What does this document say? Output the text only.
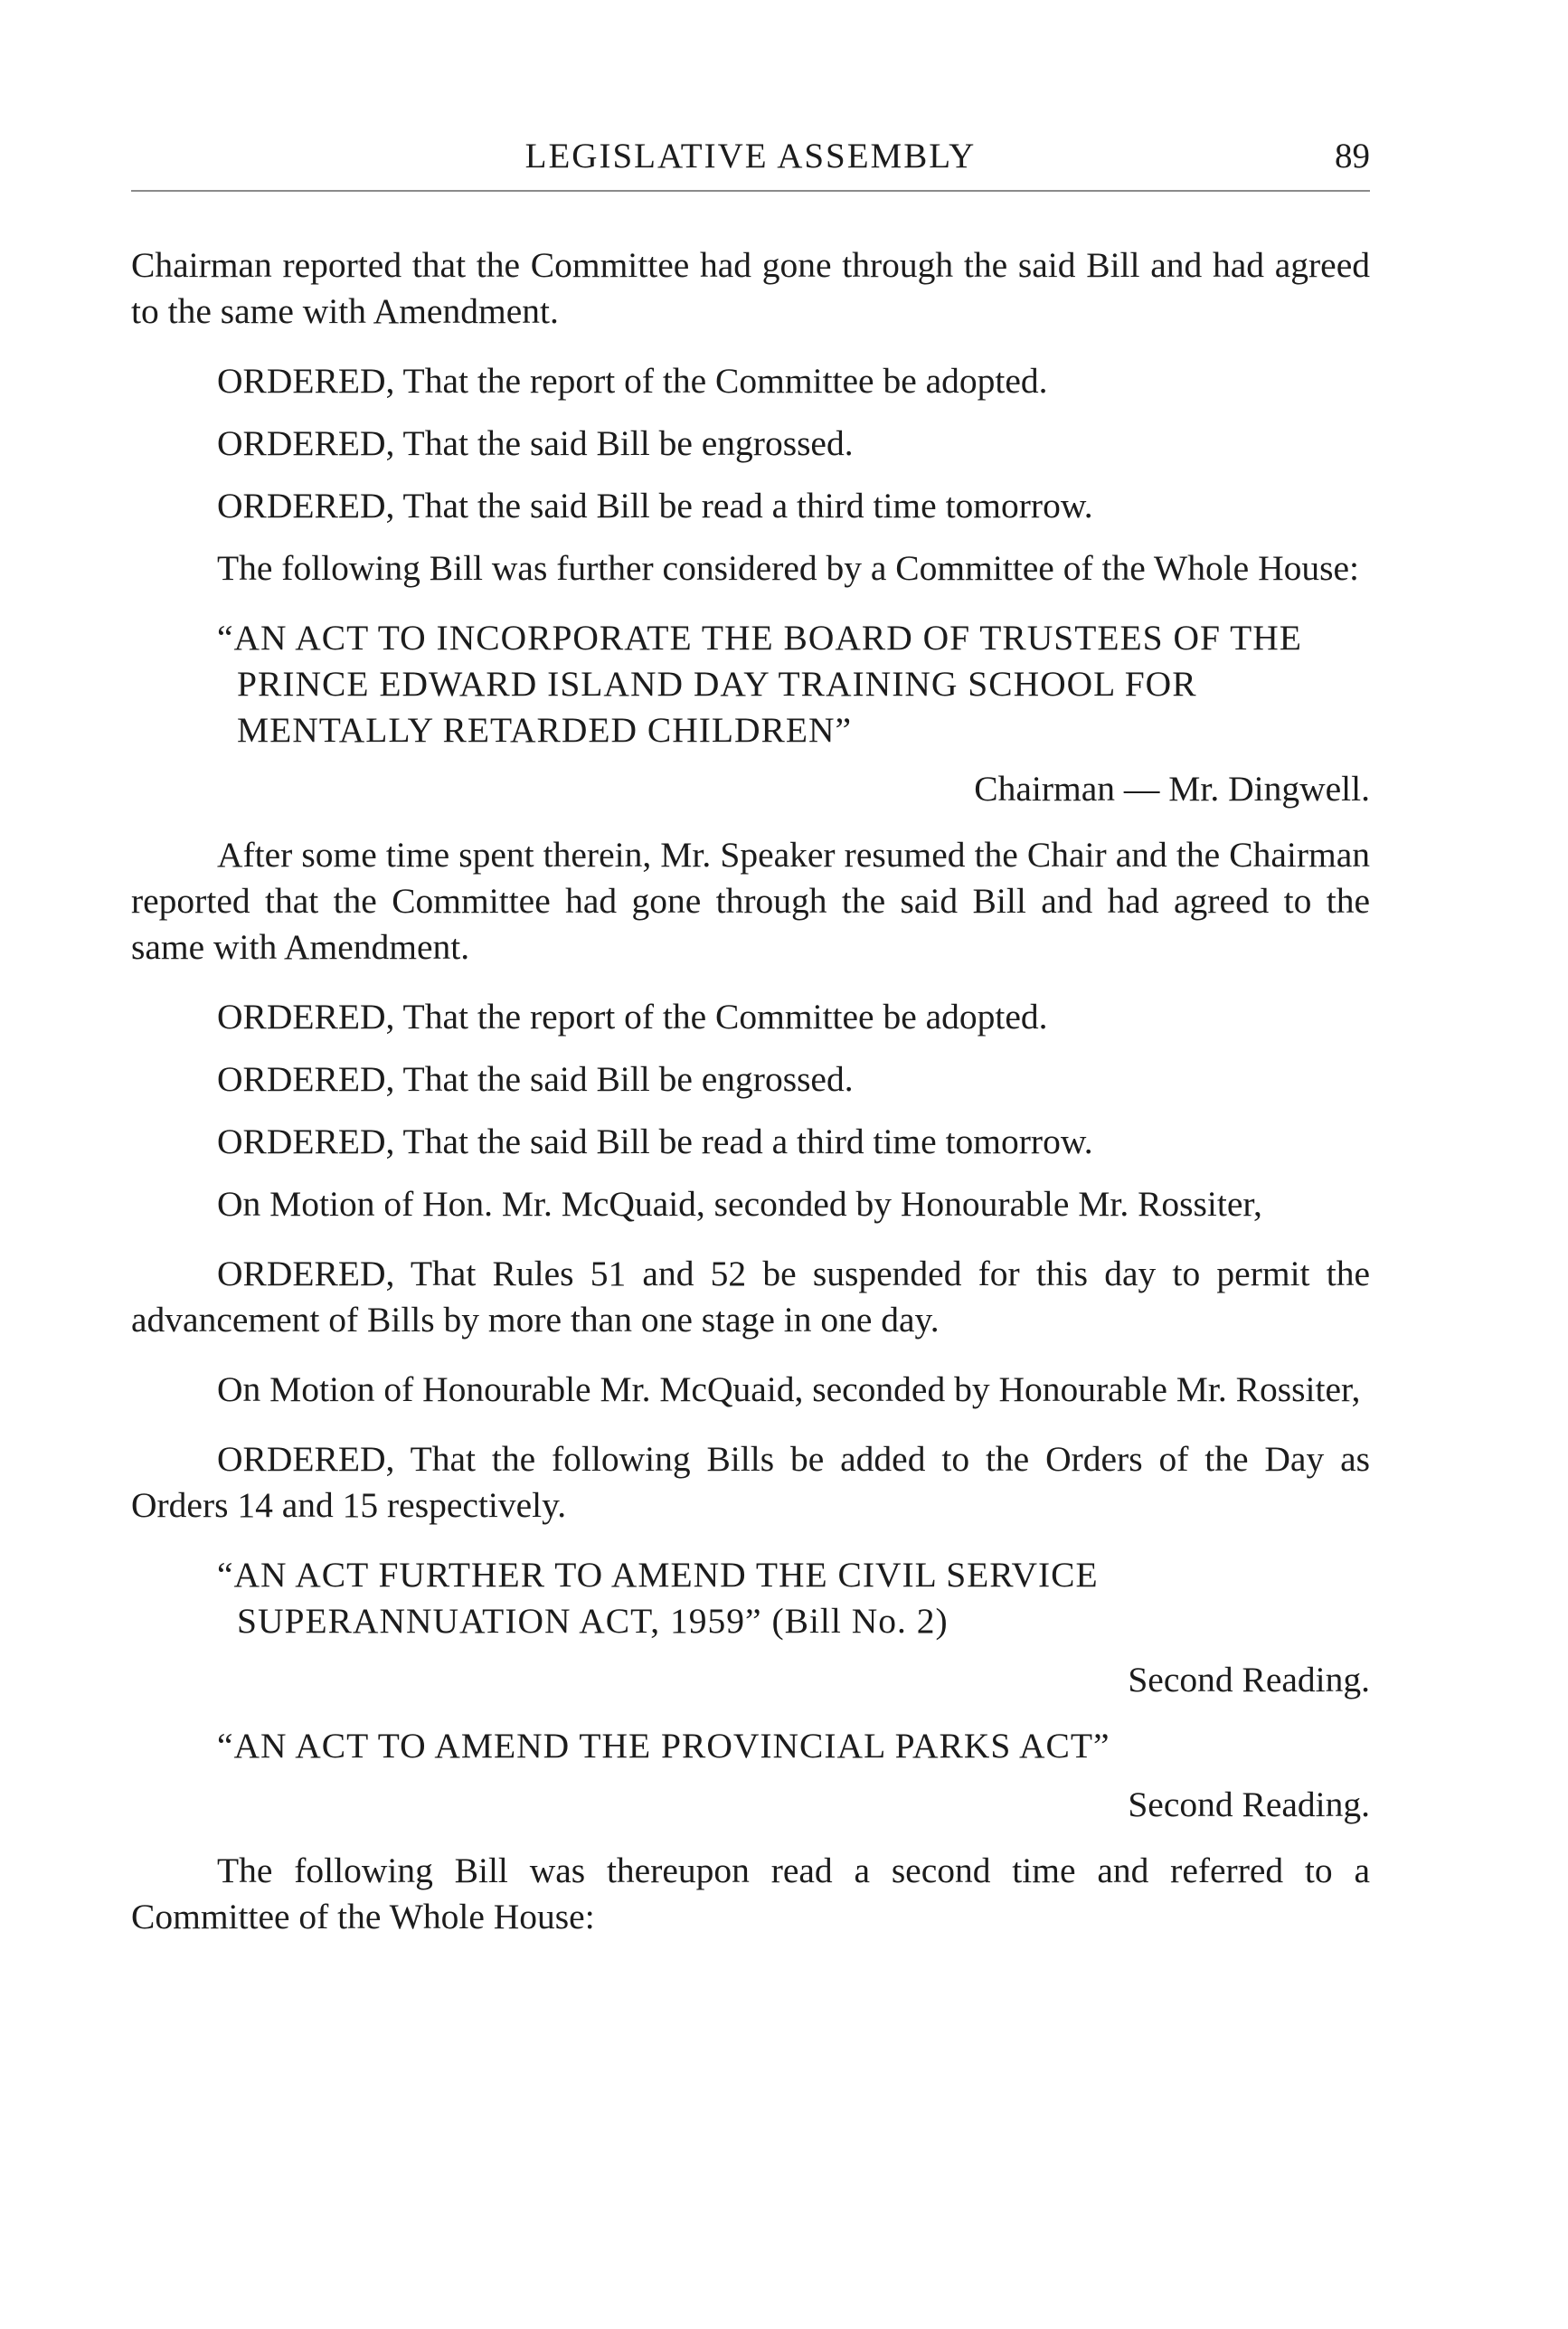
LEGISLATIVE ASSEMBLY	89

Chairman reported that the Committee had gone through the said Bill and had agreed to the same with Amendment.

ORDERED, That the report of the Committee be adopted.

ORDERED, That the said Bill be engrossed.

ORDERED, That the said Bill be read a third time tomorrow.

The following Bill was further considered by a Committee of the Whole House:

“AN ACT TO INCORPORATE THE BOARD OF TRUSTEES OF THE PRINCE EDWARD ISLAND DAY TRAINING SCHOOL FOR MENTALLY RETARDED CHILDREN”
Chairman — Mr. Dingwell.

After some time spent therein, Mr. Speaker resumed the Chair and the Chairman reported that the Committee had gone through the said Bill and had agreed to the same with Amendment.

ORDERED, That the report of the Committee be adopted.

ORDERED, That the said Bill be engrossed.

ORDERED, That the said Bill be read a third time tomorrow.

On Motion of Hon. Mr. McQuaid, seconded by Honourable Mr. Rossiter,

ORDERED, That Rules 51 and 52 be suspended for this day to permit the advancement of Bills by more than one stage in one day.

On Motion of Honourable Mr. McQuaid, seconded by Honourable Mr. Rossiter,

ORDERED, That the following Bills be added to the Orders of the Day as Orders 14 and 15 respectively.

“AN ACT FURTHER TO AMEND THE CIVIL SERVICE SUPERANNUATION ACT, 1959” (Bill No. 2)
Second Reading.
“AN ACT TO AMEND THE PROVINCIAL PARKS ACT”
Second Reading.

The following Bill was thereupon read a second time and referred to a Committee of the Whole House:
